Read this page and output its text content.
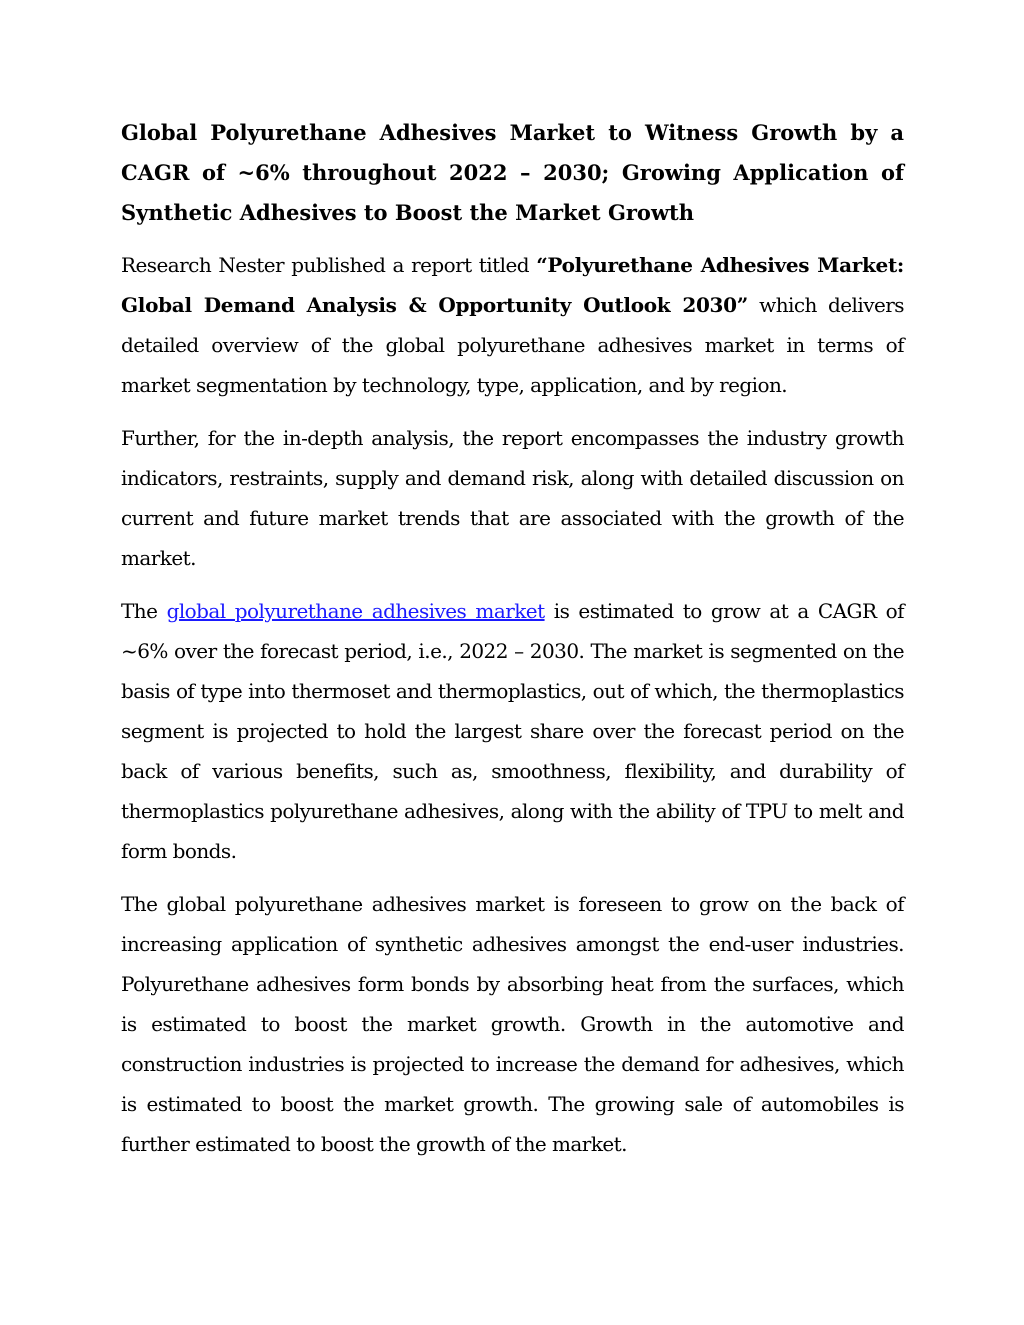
Global Polyurethane Adhesives Market to Witness Growth by a CAGR of ~6% throughout 2022 – 2030; Growing Application of Synthetic Adhesives to Boost the Market Growth

Research Nester published a report titled “Polyurethane Adhesives Market: Global Demand Analysis & Opportunity Outlook 2030” which delivers detailed overview of the global polyurethane adhesives market in terms of market segmentation by technology, type, application, and by region.

Further, for the in-depth analysis, the report encompasses the industry growth indicators, restraints, supply and demand risk, along with detailed discussion on current and future market trends that are associated with the growth of the market.

The global polyurethane adhesives market is estimated to grow at a CAGR of ~6% over the forecast period, i.e., 2022 – 2030. The market is segmented on the basis of type into thermoset and thermoplastics, out of which, the thermoplastics segment is projected to hold the largest share over the forecast period on the back of various benefits, such as, smoothness, flexibility, and durability of thermoplastics polyurethane adhesives, along with the ability of TPU to melt and form bonds.

The global polyurethane adhesives market is foreseen to grow on the back of increasing application of synthetic adhesives amongst the end-user industries. Polyurethane adhesives form bonds by absorbing heat from the surfaces, which is estimated to boost the market growth. Growth in the automotive and construction industries is projected to increase the demand for adhesives, which is estimated to boost the market growth. The growing sale of automobiles is further estimated to boost the growth of the market.
